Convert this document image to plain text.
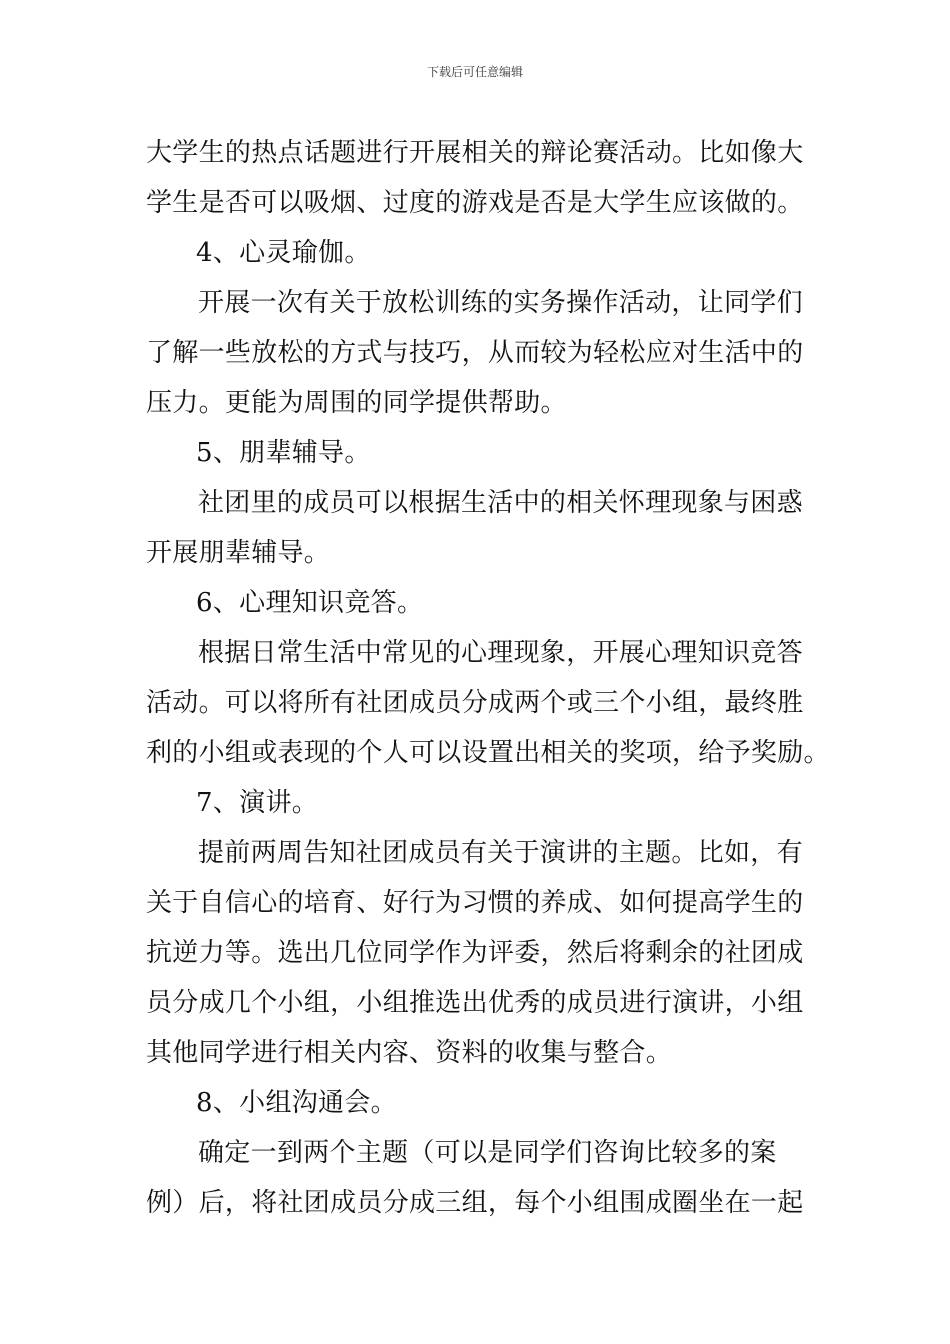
下载后可任意编辑
大学生的热点话题进行开展相关的辩论赛活动。比如像大
学生是否可以吸烟、过度的游戏是否是大学生应该做的。
4、心灵瑜伽。
开展一次有关于放松训练的实务操作活动，让同学们
了解一些放松的方式与技巧，从而较为轻松应对生活中的
压力。更能为周围的同学提供帮助。
5、朋辈辅导。
社团里的成员可以根据生活中的相关怀理现象与困惑
开展朋辈辅导。
6、心理知识竞答。
根据日常生活中常见的心理现象，开展心理知识竞答
活动。可以将所有社团成员分成两个或三个小组，最终胜
利的小组或表现的个人可以设置出相关的奖项，给予奖励。
7、演讲。
提前两周告知社团成员有关于演讲的主题。比如，有
关于自信心的培育、好行为习惯的养成、如何提高学生的
抗逆力等。选出几位同学作为评委，然后将剩余的社团成
员分成几个小组，小组推选出优秀的成员进行演讲，小组
其他同学进行相关内容、资料的收集与整合。
8、小组沟通会。
确定一到两个主题（可以是同学们咨询比较多的案
例）后，将社团成员分成三组，每个小组围成圈坐在一起
